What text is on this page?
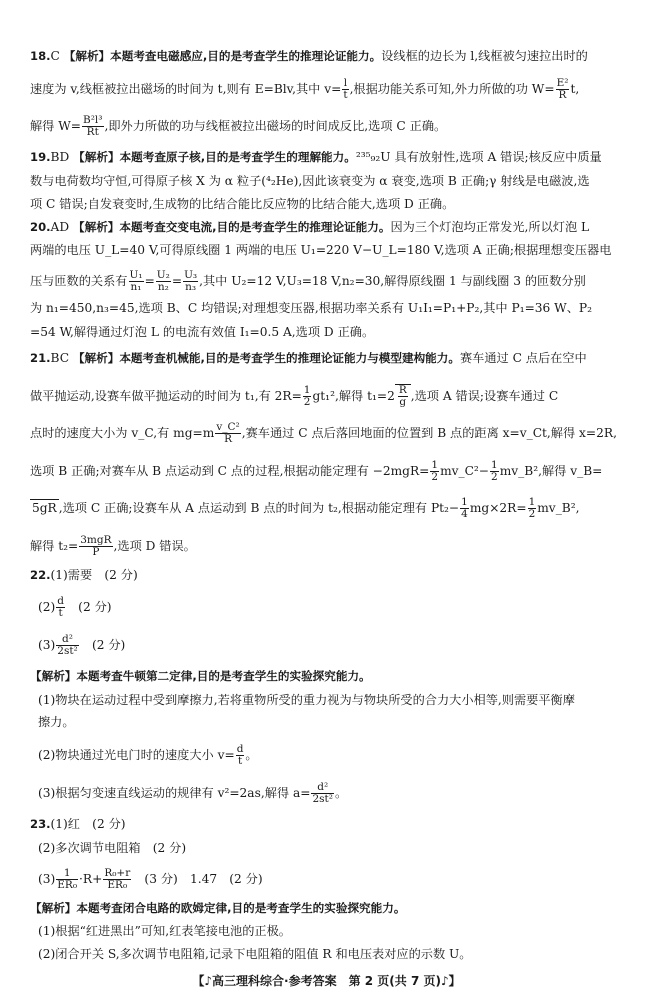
18.C 【解析】本题考查电磁感应,目的是考查学生的推理论证能力。设线框的边长为 l,线框被匀速拉出时的
速度为 v,线框被拉出磁场的时间为 t,则有 E=Blv,其中 $v= \frac{l}{t}$ ,根据功能关系可知,外力所做的功 $W= \frac{\text{E²}}{R} t$,
解得 $W= \frac{\text{B²l³}}{Rt}$ ,即外力所做的功与线框被拉出磁场的时间成反比,选项 C 正确。
19.BD 【解析】本题考查原子核,目的是考查学生的理解能力。²³⁵₉₂U 具有放射性,选项 A 错误;核反应中质量
数与电荷数均守恒,可得原子核 X 为 α 粒子(⁴₂He),因此该衰变为 α 衰变,选项 B 正确;γ 射线是电磁波,选
项 C 错误;自发衰变时,生成物的比结合能比反应物的比结合能大,选项 D 正确。
20.AD 【解析】本题考查交变电流,目的是考查学生的推理论证能力。因为三个灯泡均正常发光,所以灯泡 L
两端的电压 U_L=40 V,可得原线圈 1 两端的电压 U₁=220 V−U_L=180 V,选项 A 正确;根据理想变压器电
压与匝数的关系有 $\frac{\text{U₁}}{\text{n₁}} = \frac{\text{U₂}}{\text{n₂}} = \frac{\text{U₃}}{\text{n₃}}$ ,其中 U₂=12 V,U₃=18 V,n₂=30,解得原线圈 1 与副线圈 3 的匝数分别
为 n₁=450,n₃=45,选项 B、C 均错误;对理想变压器,根据功率关系有 U₁I₁=P₁+P₂,其中 P₁=36 W、P₂
=54 W,解得通过灯泡 L 的电流有效值 I₁=0.5 A,选项 D 正确。
21.BC 【解析】本题考查机械能,目的是考查学生的推理论证能力与模型建构能力。赛车通过 C 点后在空中
做平抛运动,设赛车做平抛运动的时间为 t₁,有 $2R= \frac{1}{2} gt_1^2$,解得 $t_1=2 \frac{R}{g}$ ,选项 A 错误;设赛车通过 C
点时的速度大小为 v_C,有 $mg=m \frac{\text{v\_C²}}{R}$ ,赛车通过 C 点后落回地面的位置到 B 点的距离 x=v_Ct,解得 x=2R,
选项 B 正确;对赛车从 B 点运动到 C 点的过程,根据动能定理有 $-2mgR= \frac{1}{2}$ mv_C²− $\frac{1}{2}$ mv_B²,解得 v_B=
5gR ,选项 C 正确;设赛车从 A 点运动到 B 点的时间为 t₂,根据动能定理有 $Pt_2- \frac{1}{4} mg\times 2R= \frac{1}{2}$ mv_B²,
解得 $t_2= \frac{\text{3mgR}}{P}$ ,选项 D 错误。
22.(1)需要　(2 分)
$(2) \frac{d}{t}$ 　(2 分)
$(3) \frac{\text{d²}}{\text{2st²}}$ 　(2 分)
【解析】本题考查牛顿第二定律,目的是考查学生的实验探究能力。
(1)物块在运动过程中受到摩擦力,若将重物所受的重力视为与物块所受的合力大小相等,则需要平衡摩
擦力。
(2)物块通过光电门时的速度大小 $v= \frac{d}{t}$ 。
(3)根据匀变速直线运动的规律有 v²=2as,解得 $a= \frac{\text{d²}}{\text{2st²}}$ 。
23.(1)红　(2 分)
(2)多次调节电阻箱　(2 分)
$(3) \frac{1}{\text{ER₀}} \cdot R+ \frac{\text{R₀+r}}{\text{ER₀}}$ 　(3 分)　1.47　(2 分)
【解析】本题考查闭合电路的欧姆定律,目的是考查学生的实验探究能力。
(1)根据“红进黑出”可知,红表笔接电池的正极。
(2)闭合开关 S,多次调节电阻箱,记录下电阻箱的阻值 R 和电压表对应的示数 U。
【♪高三理科综合·参考答案　第 2 页(共 7 页)♪】
